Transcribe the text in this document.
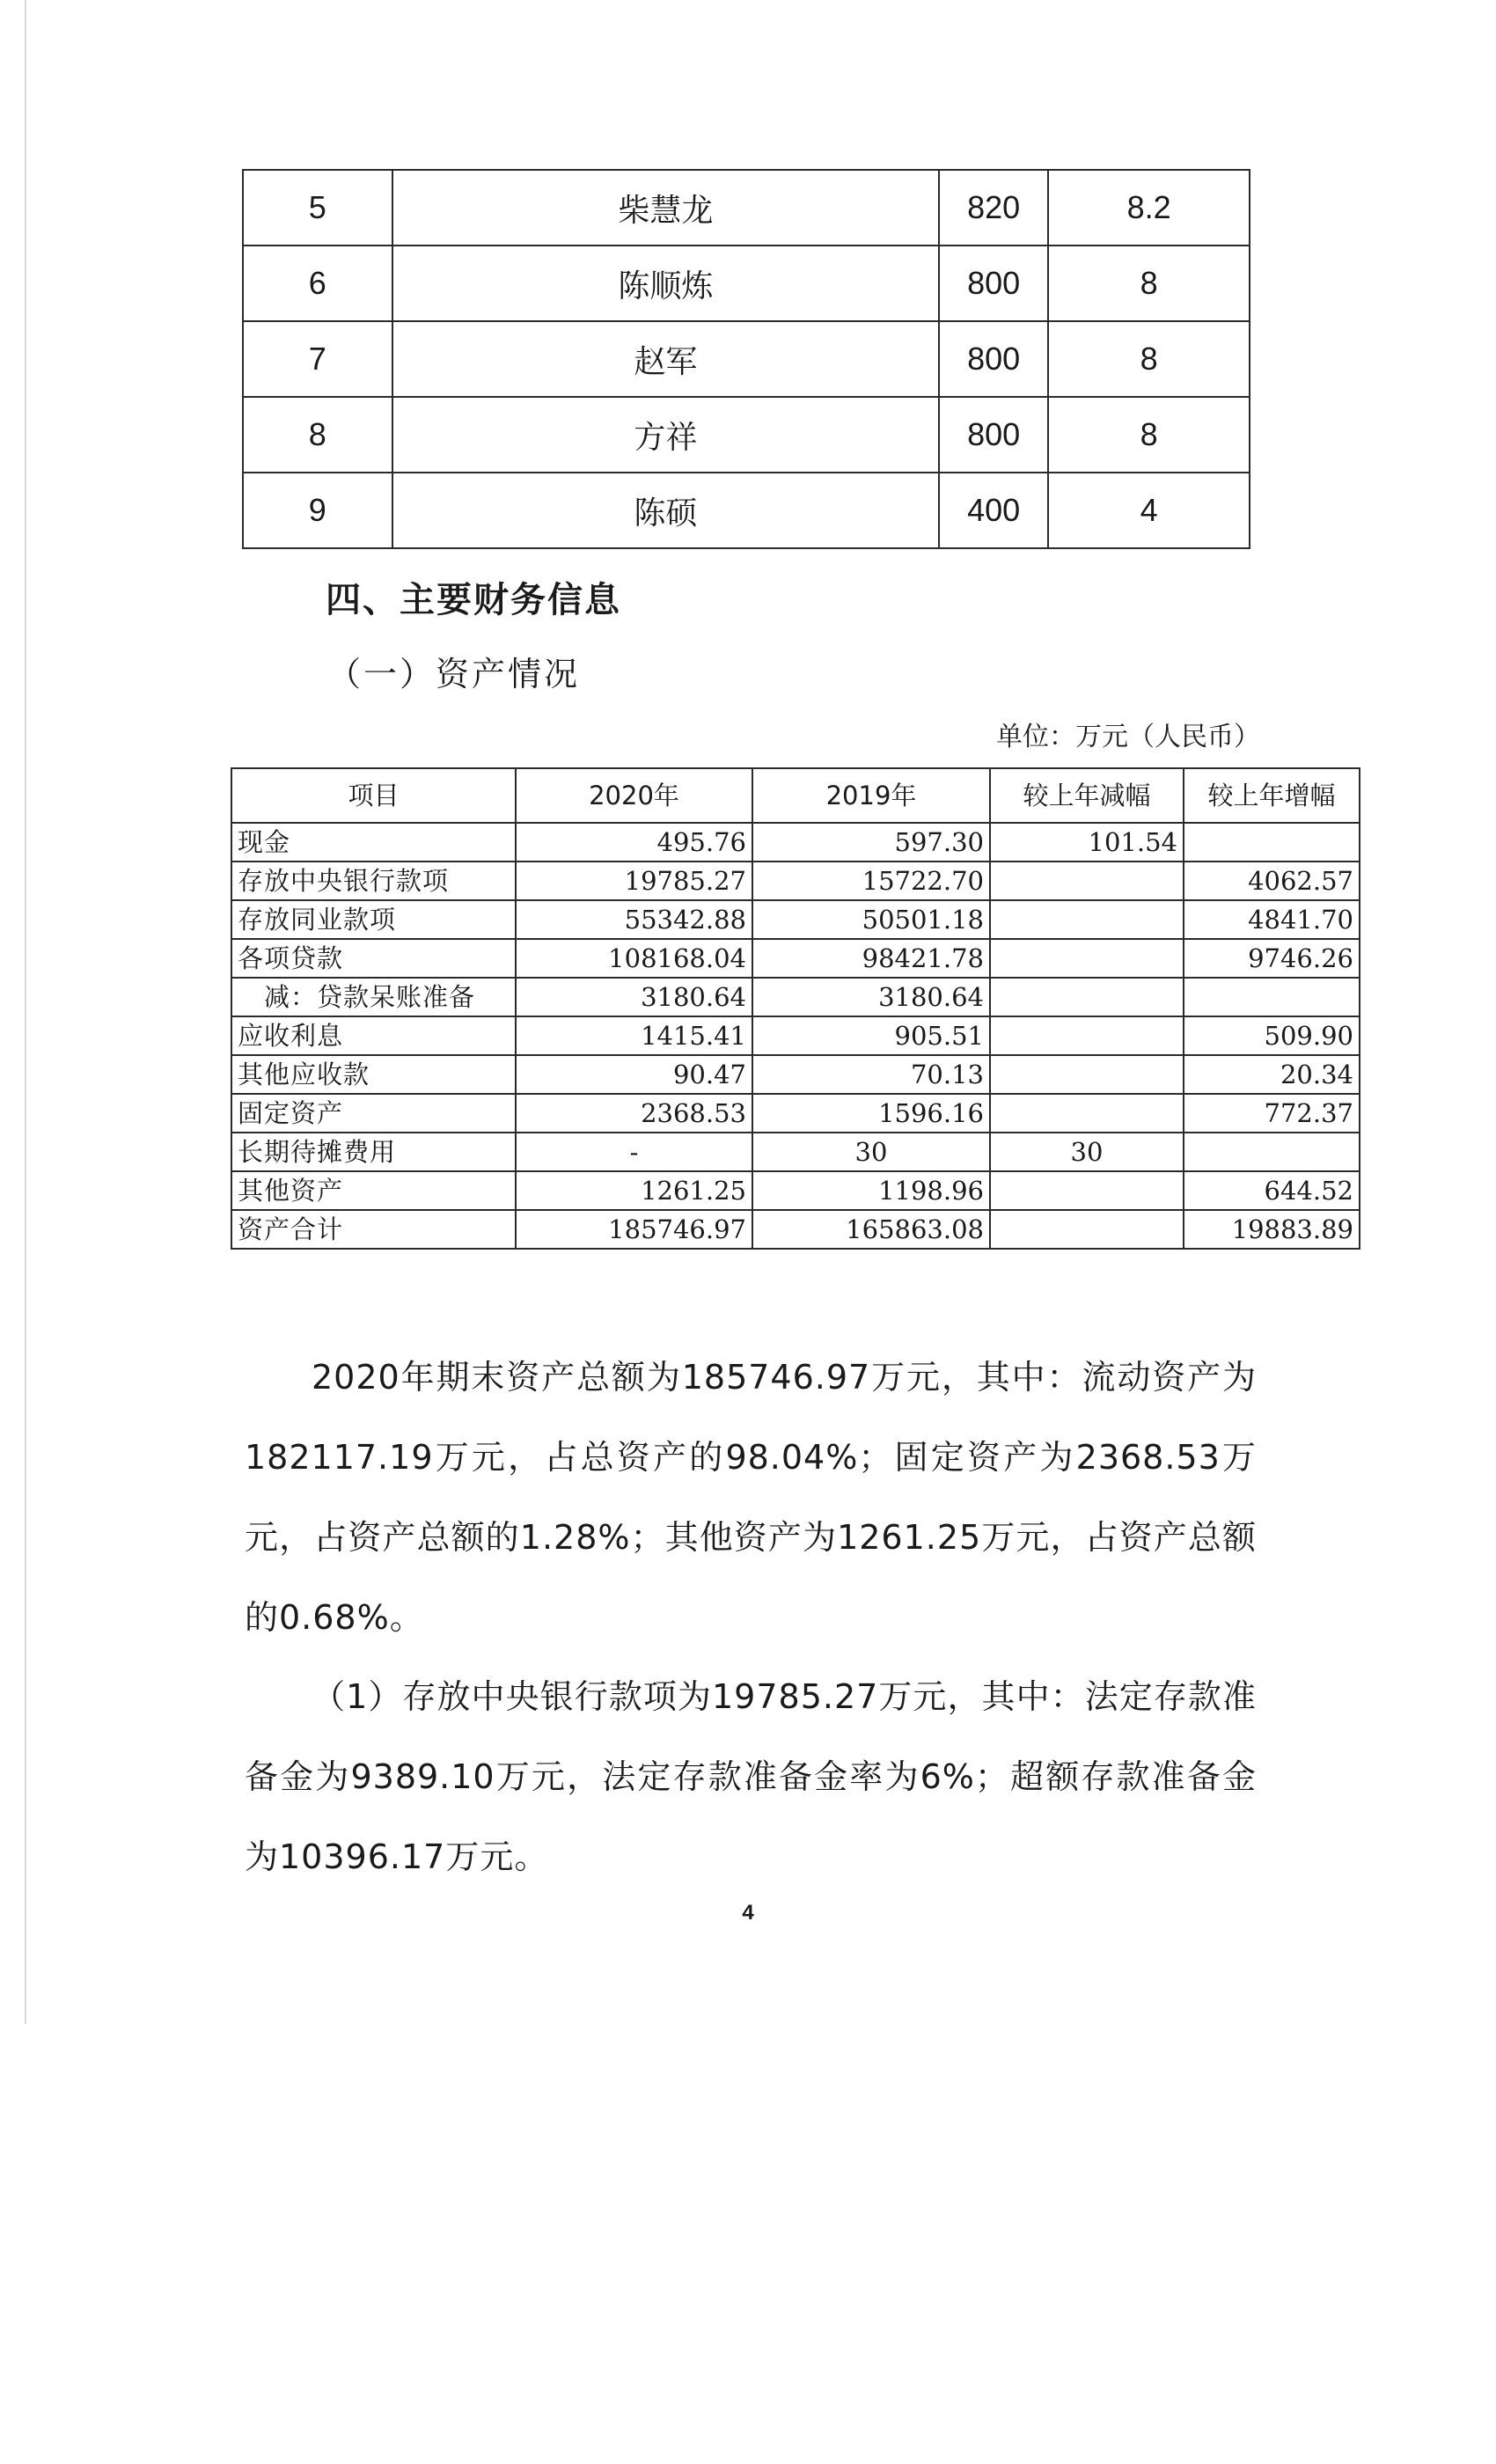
5	柴慧龙	820	8.2
6	陈顺炼	800	8
7	赵军	800	8
8	方祥	800	8
9	陈硕	400	4
四、主要财务信息
（一）资产情况
单位：万元（人民币）
项目	2020年	2019年	较上年减幅	较上年增幅
现金	495.76	597.30	101.54	
存放中央银行款项	19785.27	15722.70		4062.57
存放同业款项	55342.88	50501.18		4841.70
各项贷款	108168.04	98421.78		9746.26
　减：贷款呆账准备	3180.64	3180.64		
应收利息	1415.41	905.51		509.90
其他应收款	90.47	70.13		20.34
固定资产	2368.53	1596.16		772.37
长期待摊费用	-	30	30	
其他资产	1261.25	1198.96		644.52
资产合计	185746.97	165863.08		19883.89
2020年期末资产总额为185746.97万元，其中：流动资产为182117.19万元，占总资产的98.04%；固定资产为2368.53万元，占资产总额的1.28%；其他资产为1261.25万元，占资产总额的0.68%。
（1）存放中央银行款项为19785.27万元，其中：法定存款准备金为9389.10万元，法定存款准备金率为6%；超额存款准备金为10396.17万元。
4
